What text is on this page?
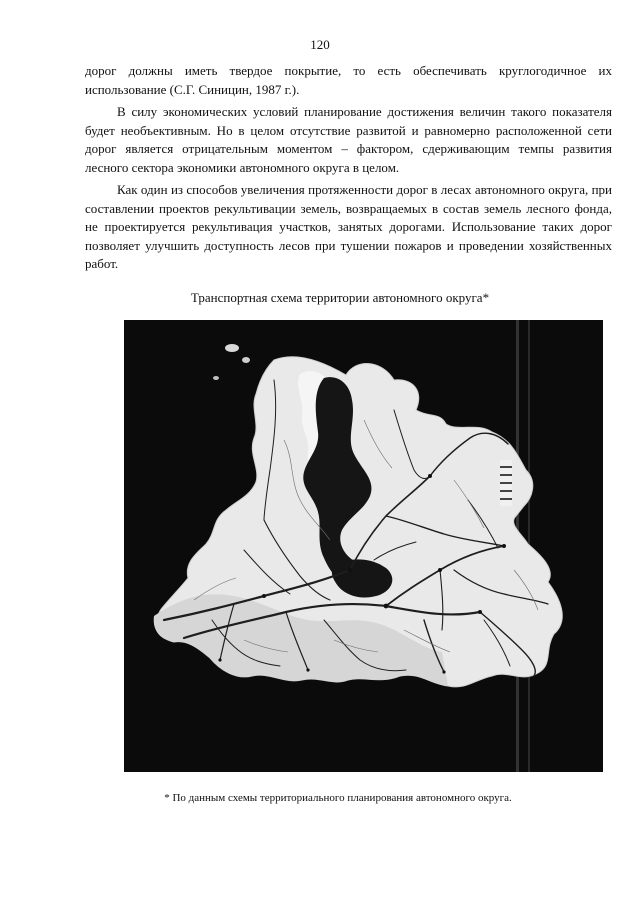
120

дорог должны иметь твердое покрытие, то есть обеспечивать круглогодичное их использование (С.Г. Синицин, 1987 г.).

В силу экономических условий планирование достижения величин такого показателя будет необъективным. Но в целом отсутствие развитой и равномерно расположенной сети дорог является отрицательным моментом – фактором, сдерживающим темпы развития лесного сектора экономики автономного округа в целом.

Как один из способов увеличения протяженности дорог в лесах автономного округа, при составлении проектов рекультивации земель, возвращаемых в состав земель лесного фонда, не проектируется рекультивация участков, занятых дорогами. Использование таких дорог позволяет улучшить доступность лесов при тушении пожаров и проведении хозяйственных работ.

Транспортная схема территории автономного округа*
* По данным схемы территориального планирования автономного округа.
